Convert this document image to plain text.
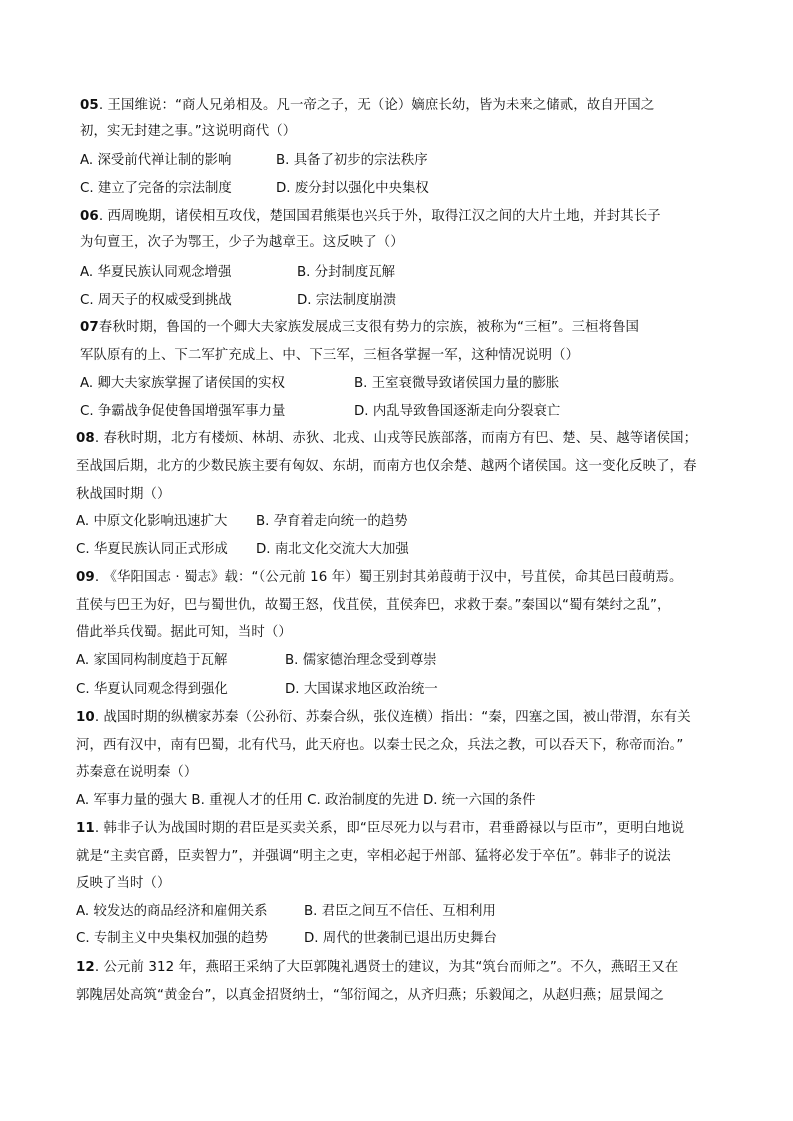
05. 王国维说：“商人兄弟相及。凡一帝之子，无（论）嫡庶长幼，皆为未来之储贰，故自开国之
初，实无封建之事。”这说明商代（）
A. 深受前代禅让制的影响	B. 具备了初步的宗法秩序
C. 建立了完备的宗法制度	D. 废分封以强化中央集权
06. 西周晚期，诸侯相互攻伐，楚国国君熊渠也兴兵于外，取得江汉之间的大片土地，并封其长子
为句亶王，次子为鄂王，少子为越章王。这反映了（）
A. 华夏民族认同观念增强	B. 分封制度瓦解
C. 周天子的权威受到挑战	D. 宗法制度崩溃
07春秋时期，鲁国的一个卿大夫家族发展成三支很有势力的宗族，被称为“三桓”。三桓将鲁国
军队原有的上、下二军扩充成上、中、下三军，三桓各掌握一军，这种情况说明（）
A. 卿大夫家族掌握了诸侯国的实权	B. 王室衰微导致诸侯国力量的膨胀
C. 争霸战争促使鲁国增强军事力量	D. 内乱导致鲁国逐渐走向分裂衰亡
08. 春秋时期，北方有楼烦、林胡、赤狄、北戎、山戎等民族部落，而南方有巴、楚、吴、越等诸侯国；
至战国后期，北方的少数民族主要有匈奴、东胡，而南方也仅余楚、越两个诸侯国。这一变化反映了，春
秋战国时期（）
A. 中原文化影响迅速扩大 B. 孕育着走向统一的趋势
C. 华夏民族认同正式形成 D. 南北文化交流大大加强
09. 《华阳国志 · 蜀志》载：“（公元前 16 年）蜀王别封其弟葭萌于汉中，号苴侯，命其邑曰葭萌焉。
苴侯与巴王为好，巴与蜀世仇，故蜀王怒，伐苴侯，苴侯奔巴，求救于秦。”秦国以“蜀有桀纣之乱”，
借此举兵伐蜀。据此可知，当时（）
A. 家国同构制度趋于瓦解	B. 儒家德治理念受到尊崇
C. 华夏认同观念得到强化	D. 大国谋求地区政治统一
10. 战国时期的纵横家苏秦（公孙衍、苏秦合纵，张仪连横）指出：“秦，四塞之国，被山带渭，东有关
河，西有汉中，南有巴蜀，北有代马，此天府也。以秦士民之众，兵法之教，可以吞天下，称帝而治。”
苏秦意在说明秦（）
A. 军事力量的强大 B. 重视人才的任用 C. 政治制度的先进 D. 统一六国的条件
11. 韩非子认为战国时期的君臣是买卖关系，即“臣尽死力以与君市，君垂爵禄以与臣市”，更明白地说
就是“主卖官爵，臣卖智力”，并强调“明主之吏，宰相必起于州部、猛将必发于卒伍”。韩非子的说法
反映了当时（）
A. 较发达的商品经济和雇佣关系	B. 君臣之间互不信任、互相利用
C. 专制主义中央集权加强的趋势	D. 周代的世袭制已退出历史舞台
12. 公元前 312 年，燕昭王采纳了大臣郭隗礼遇贤士的建议，为其“筑台而师之”。不久，燕昭王又在
郭隗居处高筑“黄金台”，以真金招贤纳士，“邹衍闻之，从齐归燕；乐毅闻之，从赵归燕；屈景闻之
